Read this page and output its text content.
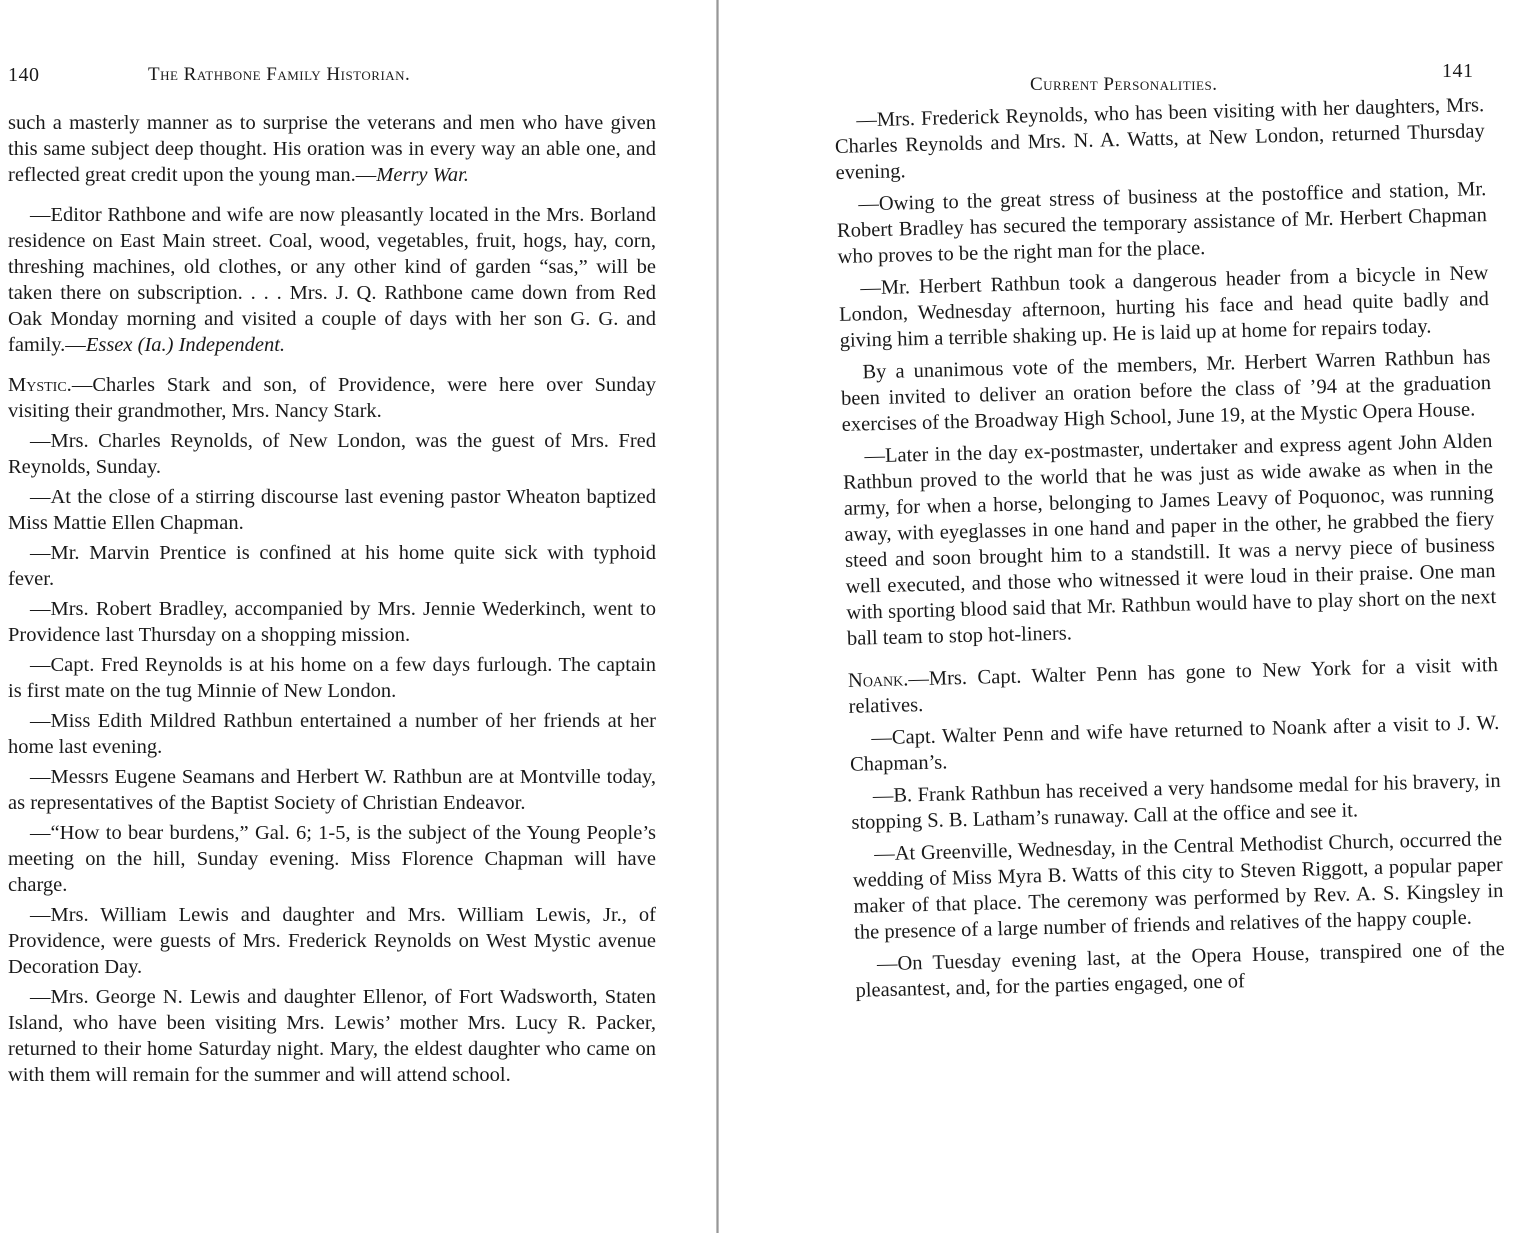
140	The Rathbone Family Historian.

such a masterly manner as to surprise the veterans and men who have given this same subject deep thought. His oration was in every way an able one, and reflected great credit upon the young man.—Merry War.

—Editor Rathbone and wife are now pleasantly located in the Mrs. Borland residence on East Main street. Coal, wood, vegetables, fruit, hogs, hay, corn, threshing machines, old clothes, or any other kind of garden “sas,” will be taken there on subscription. . . . Mrs. J. Q. Rathbone came down from Red Oak Monday morning and visited a couple of days with her son G. G. and family.—Essex (Ia.) Independent.

Mystic.—Charles Stark and son, of Providence, were here over Sunday visiting their grandmother, Mrs. Nancy Stark.

—Mrs. Charles Reynolds, of New London, was the guest of Mrs. Fred Reynolds, Sunday.

—At the close of a stirring discourse last evening pastor Wheaton baptized Miss Mattie Ellen Chapman.

—Mr. Marvin Prentice is confined at his home quite sick with typhoid fever.

—Mrs. Robert Bradley, accompanied by Mrs. Jennie Wederkinch, went to Providence last Thursday on a shopping mission.

—Capt. Fred Reynolds is at his home on a few days furlough. The captain is first mate on the tug Minnie of New London.

—Miss Edith Mildred Rathbun entertained a number of her friends at her home last evening.

—Messrs Eugene Seamans and Herbert W. Rathbun are at Montville today, as representatives of the Baptist Society of Christian Endeavor.

—“How to bear burdens,” Gal. 6; 1-5, is the subject of the Young People’s meeting on the hill, Sunday evening. Miss Florence Chapman will have charge.

—Mrs. William Lewis and daughter and Mrs. William Lewis, Jr., of Providence, were guests of Mrs. Frederick Reynolds on West Mystic avenue Decoration Day.

—Mrs. George N. Lewis and daughter Ellenor, of Fort Wadsworth, Staten Island, who have been visiting Mrs. Lewis’ mother Mrs. Lucy R. Packer, returned to their home Saturday night. Mary, the eldest daughter who came on with them will remain for the summer and will attend school.

Current Personalities.
141

—Mrs. Frederick Reynolds, who has been visiting with her daughters, Mrs. Charles Reynolds and Mrs. N. A. Watts, at New London, returned Thursday evening.

—Owing to the great stress of business at the postoffice and station, Mr. Robert Bradley has secured the temporary assistance of Mr. Herbert Chapman who proves to be the right man for the place.

—Mr. Herbert Rathbun took a dangerous header from a bicycle in New London, Wednesday afternoon, hurting his face and head quite badly and giving him a terrible shaking up. He is laid up at home for repairs today.

By a unanimous vote of the members, Mr. Herbert Warren Rathbun has been invited to deliver an oration before the class of ’94 at the graduation exercises of the Broadway High School, June 19, at the Mystic Opera House.

—Later in the day ex-postmaster, undertaker and express agent John Alden Rathbun proved to the world that he was just as wide awake as when in the army, for when a horse, belonging to James Leavy of Poquonoc, was running away, with eyeglasses in one hand and paper in the other, he grabbed the fiery steed and soon brought him to a standstill. It was a nervy piece of business well executed, and those who witnessed it were loud in their praise. One man with sporting blood said that Mr. Rathbun would have to play short on the next ball team to stop hot-liners.

Noank.—Mrs. Capt. Walter Penn has gone to New York for a visit with relatives.

—Capt. Walter Penn and wife have returned to Noank after a visit to J. W. Chapman’s.

—B. Frank Rathbun has received a very handsome medal for his bravery, in stopping S. B. Latham’s runaway. Call at the office and see it.

—At Greenville, Wednesday, in the Central Methodist Church, occurred the wedding of Miss Myra B. Watts of this city to Steven Riggott, a popular paper maker of that place. The ceremony was performed by Rev. A. S. Kingsley in the presence of a large number of friends and relatives of the happy couple.

—On Tuesday evening last, at the Opera House, transpired one of the pleasantest, and, for the parties engaged, one of
